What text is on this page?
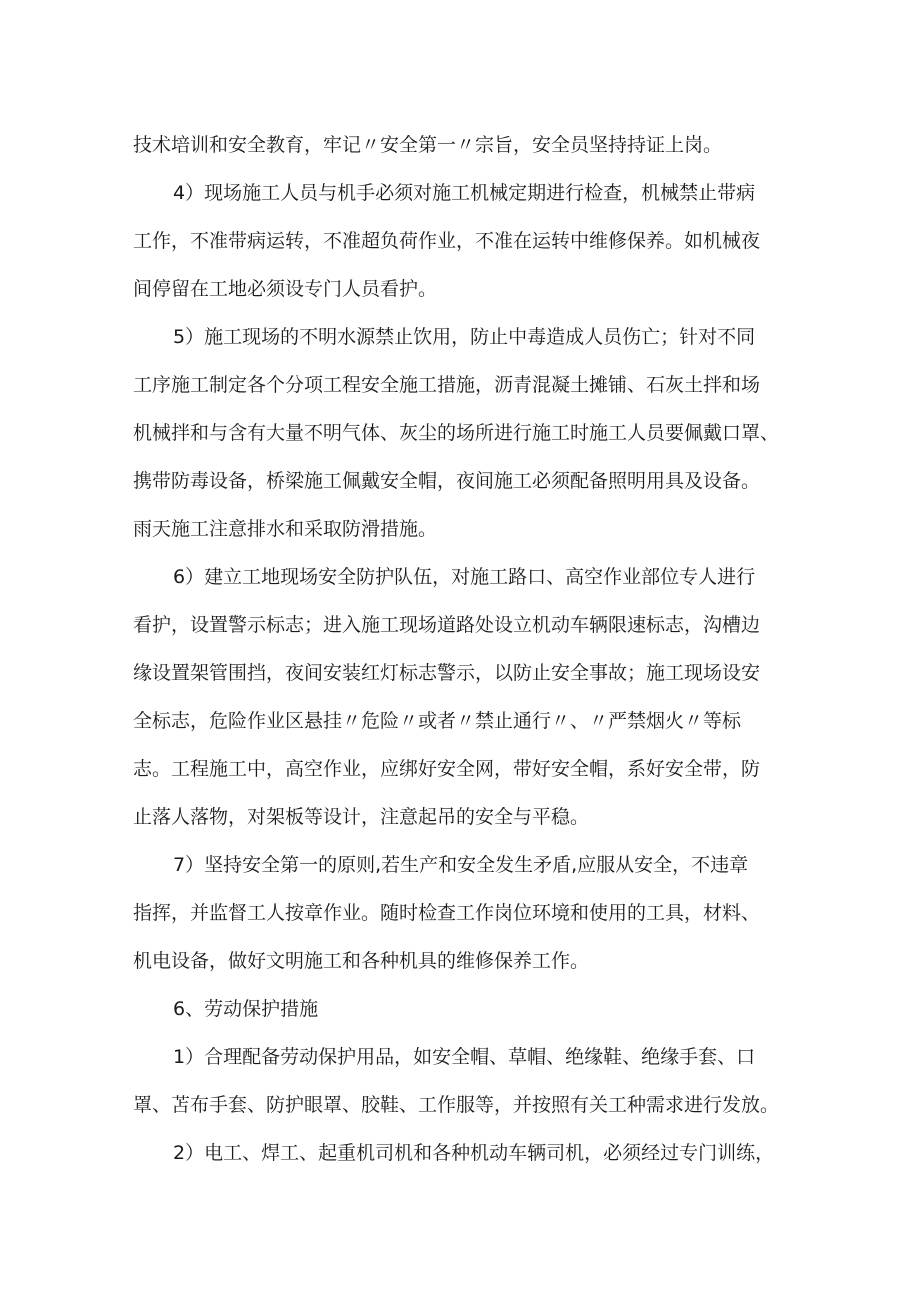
技术培训和安全教育，牢记〃安全第一〃宗旨，安全员坚持持证上岗。
4）现场施工人员与机手必须对施工机械定期进行检查，机械禁止带病
工作，不准带病运转，不准超负荷作业，不准在运转中维修保养。如机械夜
间停留在工地必须设专门人员看护。
5）施工现场的不明水源禁止饮用，防止中毒造成人员伤亡；针对不同
工序施工制定各个分项工程安全施工措施，沥青混凝土摊铺、石灰土拌和场
机械拌和与含有大量不明气体、灰尘的场所进行施工时施工人员要佩戴口罩、
携带防毒设备，桥梁施工佩戴安全帽，夜间施工必须配备照明用具及设备。
雨天施工注意排水和采取防滑措施。
6）建立工地现场安全防护队伍，对施工路口、高空作业部位专人进行
看护，设置警示标志；进入施工现场道路处设立机动车辆限速标志，沟槽边
缘设置架管围挡，夜间安装红灯标志警示，以防止安全事故；施工现场设安
全标志，危险作业区悬挂〃危险〃或者〃禁止通行〃、〃严禁烟火〃等标
志。工程施工中，高空作业，应绑好安全网，带好安全帽，系好安全带，防
止落人落物，对架板等设计，注意起吊的安全与平稳。
7）坚持安全第一的原则,若生产和安全发生矛盾,应服从安全，不违章
指挥，并监督工人按章作业。随时检查工作岗位环境和使用的工具，材料、
机电设备，做好文明施工和各种机具的维修保养工作。
6、劳动保护措施
1）合理配备劳动保护用品，如安全帽、草帽、绝缘鞋、绝缘手套、口
罩、苫布手套、防护眼罩、胶鞋、工作服等，并按照有关工种需求进行发放。
2）电工、焊工、起重机司机和各种机动车辆司机，必须经过专门训练，
